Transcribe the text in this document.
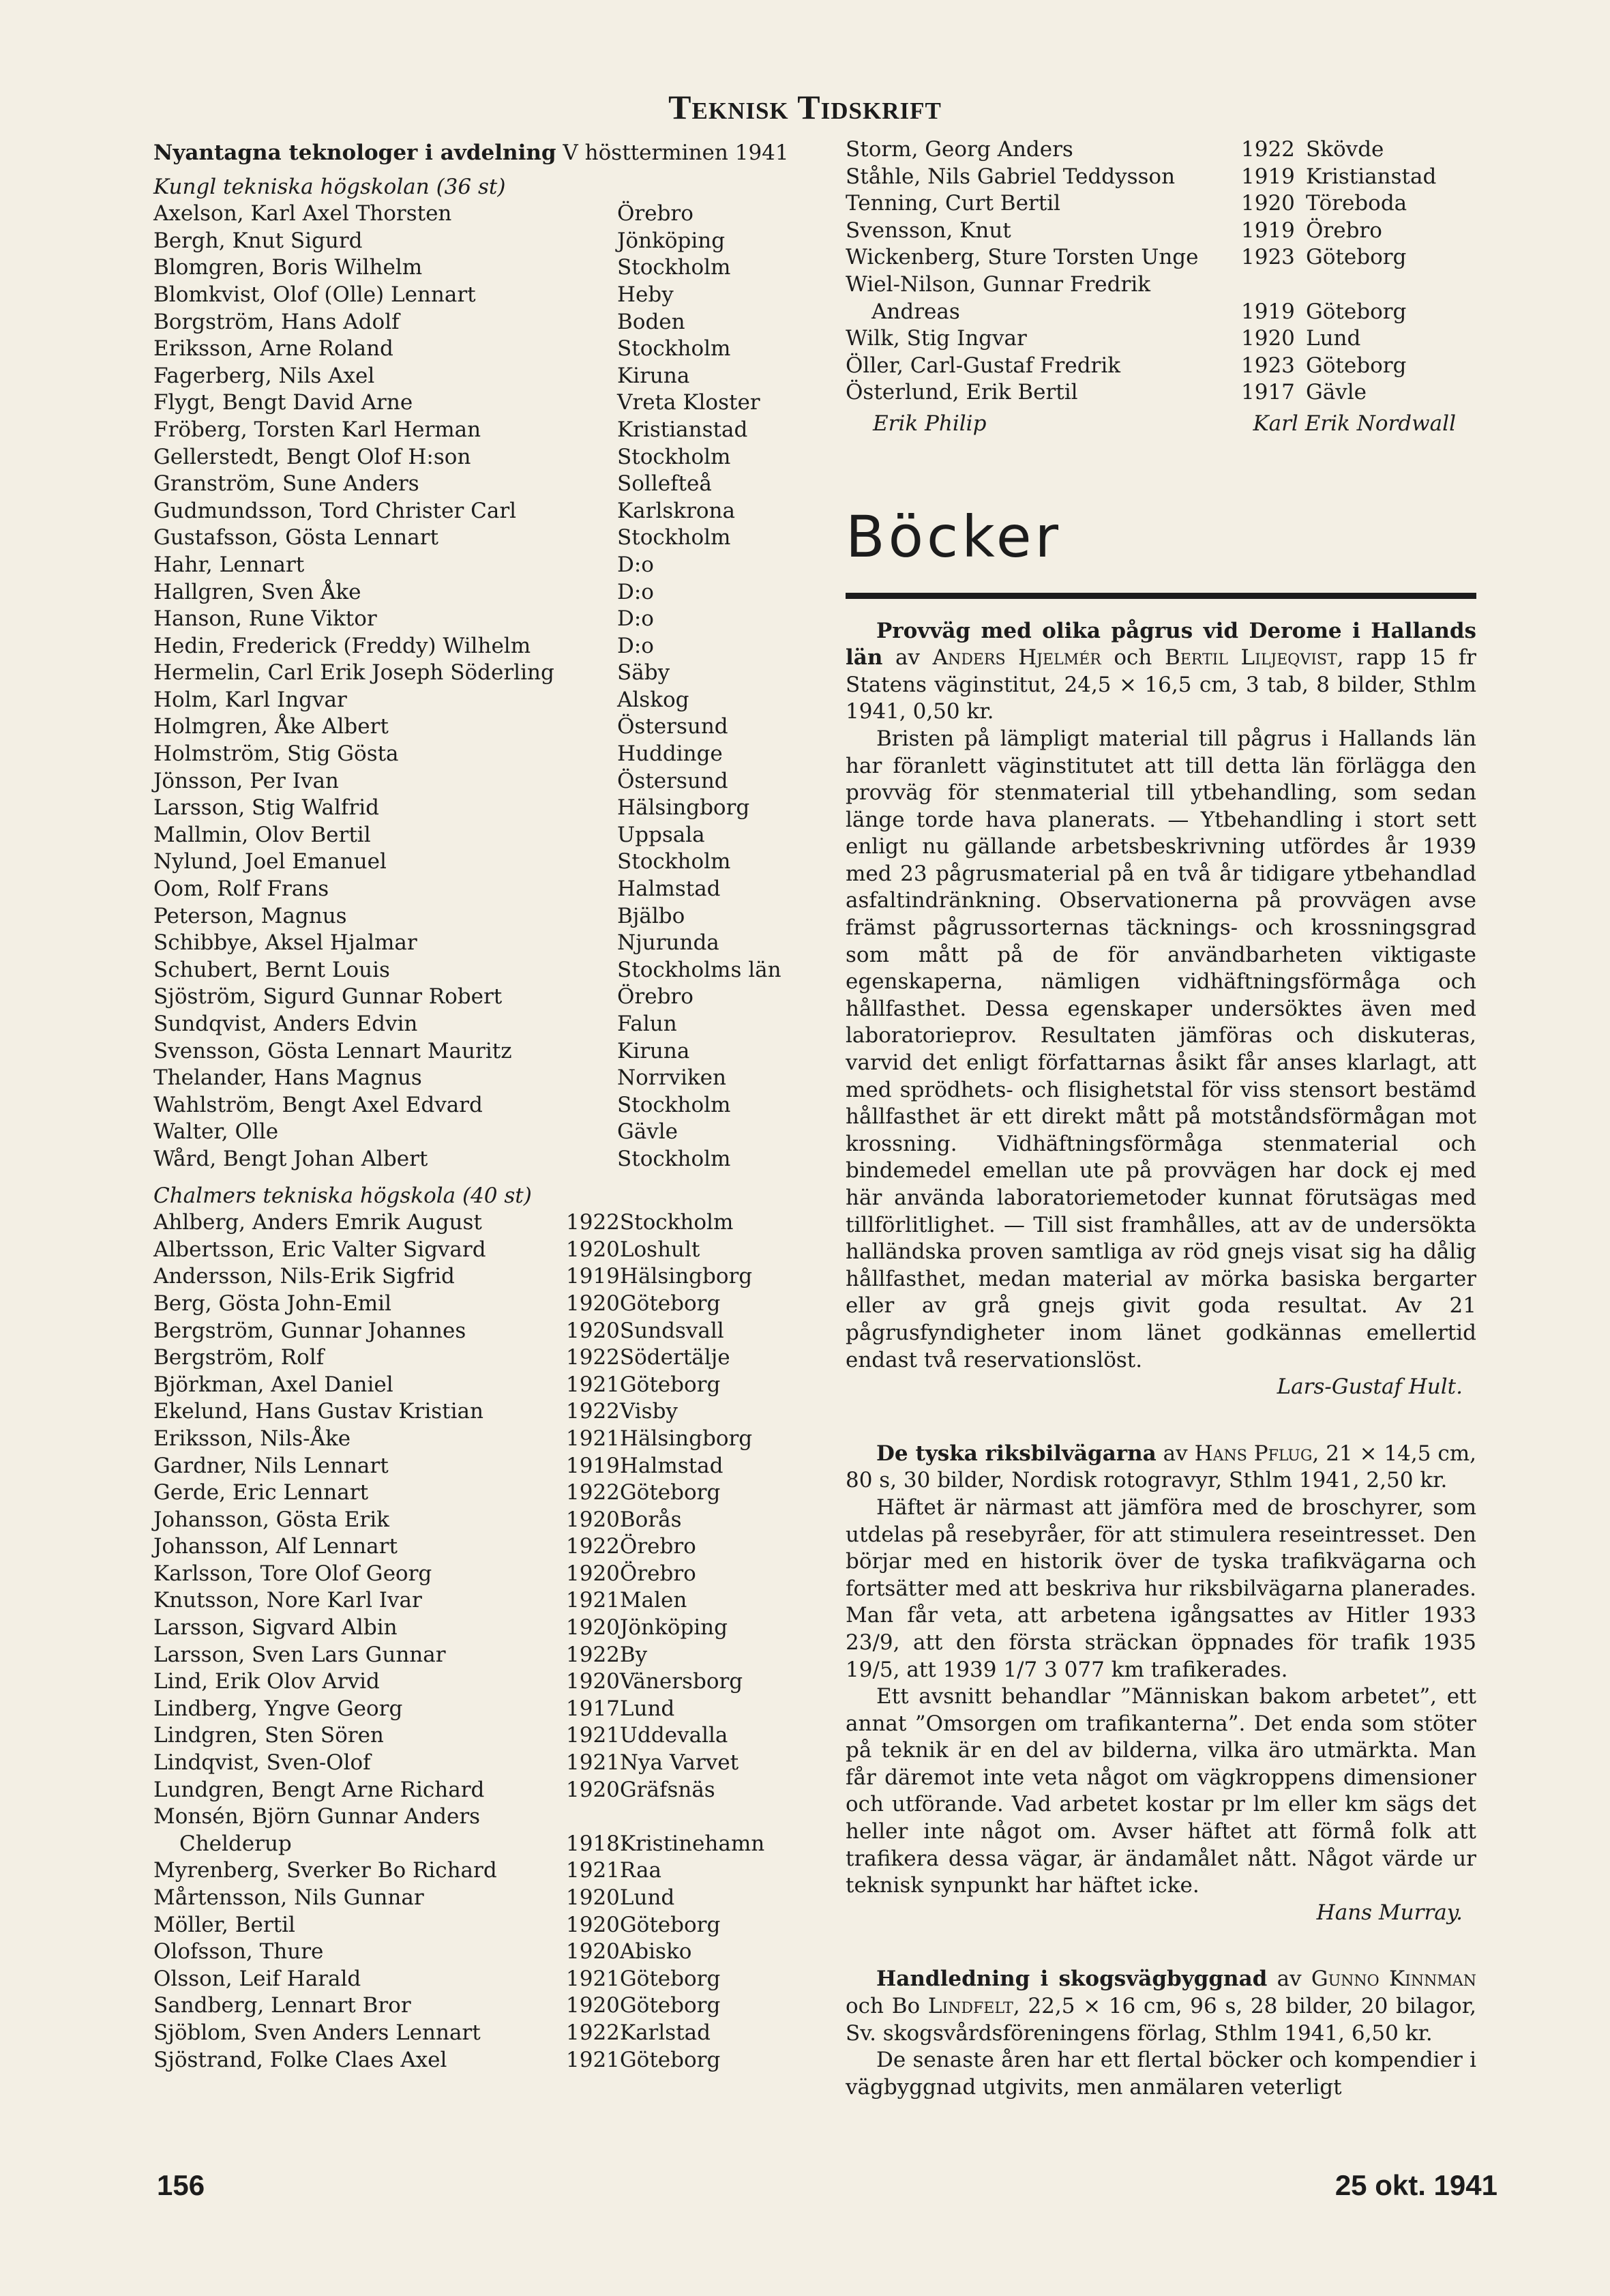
Teknisk Tidskrift
Nyantagna teknologer i avdelning V höstterminen 1941
Kungl tekniska högskolan (36 st)
Axelson, Karl Axel Thorsten	Örebro
Bergh, Knut Sigurd	Jönköping
Blomgren, Boris Wilhelm	Stockholm
Blomkvist, Olof (Olle) Lennart	Heby
Borgström, Hans Adolf	Boden
Eriksson, Arne Roland	Stockholm
Fagerberg, Nils Axel	Kiruna
Flygt, Bengt David Arne	Vreta Kloster
Fröberg, Torsten Karl Herman	Kristianstad
Gellerstedt, Bengt Olof H:son	Stockholm
Granström, Sune Anders	Sollefteå
Gudmundsson, Tord Christer Carl	Karlskrona
Gustafsson, Gösta Lennart	Stockholm
Hahr, Lennart	D:o
Hallgren, Sven Åke	D:o
Hanson, Rune Viktor	D:o
Hedin, Frederick (Freddy) Wilhelm	D:o
Hermelin, Carl Erik Joseph Söderling	Säby
Holm, Karl Ingvar	Alskog
Holmgren, Åke Albert	Östersund
Holmström, Stig Gösta	Huddinge
Jönsson, Per Ivan	Östersund
Larsson, Stig Walfrid	Hälsingborg
Mallmin, Olov Bertil	Uppsala
Nylund, Joel Emanuel	Stockholm
Oom, Rolf Frans	Halmstad
Peterson, Magnus	Bjälbo
Schibbye, Aksel Hjalmar	Njurunda
Schubert, Bernt Louis	Stockholms län
Sjöström, Sigurd Gunnar Robert	Örebro
Sundqvist, Anders Edvin	Falun
Svensson, Gösta Lennart Mauritz	Kiruna
Thelander, Hans Magnus	Norrviken
Wahlström, Bengt Axel Edvard	Stockholm
Walter, Olle	Gävle
Wård, Bengt Johan Albert	Stockholm
Chalmers tekniska högskola (40 st)
Ahlberg, Anders Emrik August	1922	Stockholm
Albertsson, Eric Valter Sigvard	1920	Loshult
Andersson, Nils-Erik Sigfrid	1919	Hälsingborg
Berg, Gösta John-Emil	1920	Göteborg
Bergström, Gunnar Johannes	1920	Sundsvall
Bergström, Rolf	1922	Södertälje
Björkman, Axel Daniel	1921	Göteborg
Ekelund, Hans Gustav Kristian	1922	Visby
Eriksson, Nils-Åke	1921	Hälsingborg
Gardner, Nils Lennart	1919	Halmstad
Gerde, Eric Lennart	1922	Göteborg
Johansson, Gösta Erik	1920	Borås
Johansson, Alf Lennart	1922	Örebro
Karlsson, Tore Olof Georg	1920	Örebro
Knutsson, Nore Karl Ivar	1921	Malen
Larsson, Sigvard Albin	1920	Jönköping
Larsson, Sven Lars Gunnar	1922	By
Lind, Erik Olov Arvid	1920	Vänersborg
Lindberg, Yngve Georg	1917	Lund
Lindgren, Sten Sören	1921	Uddevalla
Lindqvist, Sven-Olof	1921	Nya Varvet
Lundgren, Bengt Arne Richard	1920	Gräfsnäs
Monsén, Björn Gunnar Anders		
Chelderup	1918	Kristinehamn
Myrenberg, Sverker Bo Richard	1921	Raa
Mårtensson, Nils Gunnar	1920	Lund
Möller, Bertil	1920	Göteborg
Olofsson, Thure	1920	Abisko
Olsson, Leif Harald	1921	Göteborg
Sandberg, Lennart Bror	1920	Göteborg
Sjöblom, Sven Anders Lennart	1922	Karlstad
Sjöstrand, Folke Claes Axel	1921	Göteborg
Storm, Georg Anders	1922	Skövde
Ståhle, Nils Gabriel Teddysson	1919	Kristianstad
Tenning, Curt Bertil	1920	Töreboda
Svensson, Knut	1919	Örebro
Wickenberg, Sture Torsten Unge	1923	Göteborg
Wiel-Nilson, Gunnar Fredrik		
Andreas	1919	Göteborg
Wilk, Stig Ingvar	1920	Lund
Öller, Carl-Gustaf Fredrik	1923	Göteborg
Österlund, Erik Bertil	1917	Gävle
Erik Philip	Karl Erik Nordwall
Böcker

Provväg med olika pågrus vid Derome i Hallands län av Anders Hjelmér och Bertil Liljeqvist, rapp 15 fr Statens väginstitut, 24,5 × 16,5 cm, 3 tab, 8 bilder, Sthlm 1941, 0,50 kr.

Bristen på lämpligt material till pågrus i Hallands län har föranlett väginstitutet att till detta län förlägga den provväg för stenmaterial till ytbehandling, som sedan länge torde hava planerats. — Ytbehandling i stort sett enligt nu gällande arbetsbeskrivning utfördes år 1939 med 23 pågrusmaterial på en två år tidigare ytbehandlad asfaltindränkning. Observationerna på provvägen avse främst pågrussorternas täcknings- och krossningsgrad som mått på de för användbarheten viktigaste egenskaperna, nämligen vidhäftningsförmåga och hållfasthet. Dessa egenskaper undersöktes även med laboratorieprov. Resultaten jämföras och diskuteras, varvid det enligt författarnas åsikt får anses klarlagt, att med sprödhets- och flisighetstal för viss stensort bestämd hållfasthet är ett direkt mått på motståndsförmågan mot krossning. Vidhäftningsförmåga stenmaterial och bindemedel emellan ute på provvägen har dock ej med här använda laboratoriemetoder kunnat förutsägas med tillförlitlighet. — Till sist framhålles, att av de undersökta halländska proven samtliga av röd gnejs visat sig ha dålig hållfasthet, medan material av mörka basiska bergarter eller av grå gnejs givit goda resultat. Av 21 pågrusfyndigheter inom länet godkännas emellertid endast två reservationslöst.

Lars-Gustaf Hult.

De tyska riksbilvägarna av Hans Pflug, 21 × 14,5 cm, 80 s, 30 bilder, Nordisk rotogravyr, Sthlm 1941, 2,50 kr.

Häftet är närmast att jämföra med de broschyrer, som utdelas på resebyråer, för att stimulera reseintresset. Den börjar med en historik över de tyska trafikvägarna och fortsätter med att beskriva hur riksbilvägarna planerades. Man får veta, att arbetena igångsattes av Hitler 1933 23/9, att den första sträckan öppnades för trafik 1935 19/5, att 1939 1/7 3 077 km trafikerades.

Ett avsnitt behandlar ”Människan bakom arbetet”, ett annat ”Omsorgen om trafikanterna”. Det enda som stöter på teknik är en del av bilderna, vilka äro utmärkta. Man får däremot inte veta något om vägkroppens dimensioner och utförande. Vad arbetet kostar pr lm eller km sägs det heller inte något om. Avser häftet att förmå folk att trafikera dessa vägar, är ändamålet nått. Något värde ur teknisk synpunkt har häftet icke.

Hans Murray.

Handledning i skogsvägbyggnad av Gunno Kinnman och Bo Lindfelt, 22,5 × 16 cm, 96 s, 28 bilder, 20 bilagor, Sv. skogsvårdsföreningens förlag, Sthlm 1941, 6,50 kr.

De senaste åren har ett flertal böcker och kompendier i vägbyggnad utgivits, men anmälaren veterligt

156	25 okt. 1941
